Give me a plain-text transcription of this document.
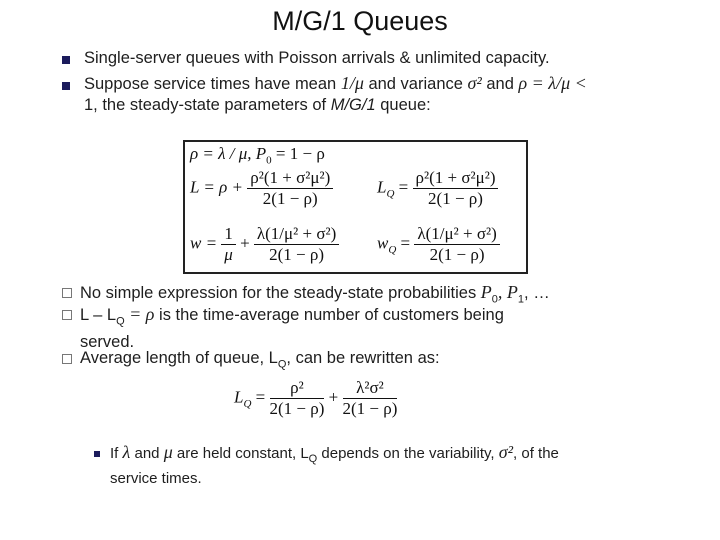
M/G/1 Queues
Single-server queues with Poisson arrivals & unlimited capacity.
Suppose service times have mean 1/μ and variance σ² and ρ = λ/μ <
1, the steady-state parameters of M/G/1 queue:
ρ = λ / μ, $P_0 = 1 - \rho$
$L = \rho + \frac{\text{ρ²(1 + σ²μ²)}}{2(1 - \rho)}$	$L_Q = \frac{\text{ρ²(1 + σ²μ²)}}{2(1 - \rho)}$
$w = \frac{1}{\mu} + \frac{\text{λ(1/μ² + σ²)}}{2(1 - \rho)} w_Q = \frac{\text{λ(1/μ² + σ²)}}{2(1 - \rho)}$
No simple expression for the steady-state probabilities $P_0$, $P_1$, …
$L - L_Q = \rho$ is the time-average number of customers being
served.
Average length of queue, $L_Q$, can be rewritten as:
$L_Q = \frac{\text{ρ²}}{2(1 - \rho)} + \frac{\text{λ²σ²}}{2(1 - \rho)}$
If λ and μ are held constant, $L_Q$ depends on the variability, σ², of the
service times.
